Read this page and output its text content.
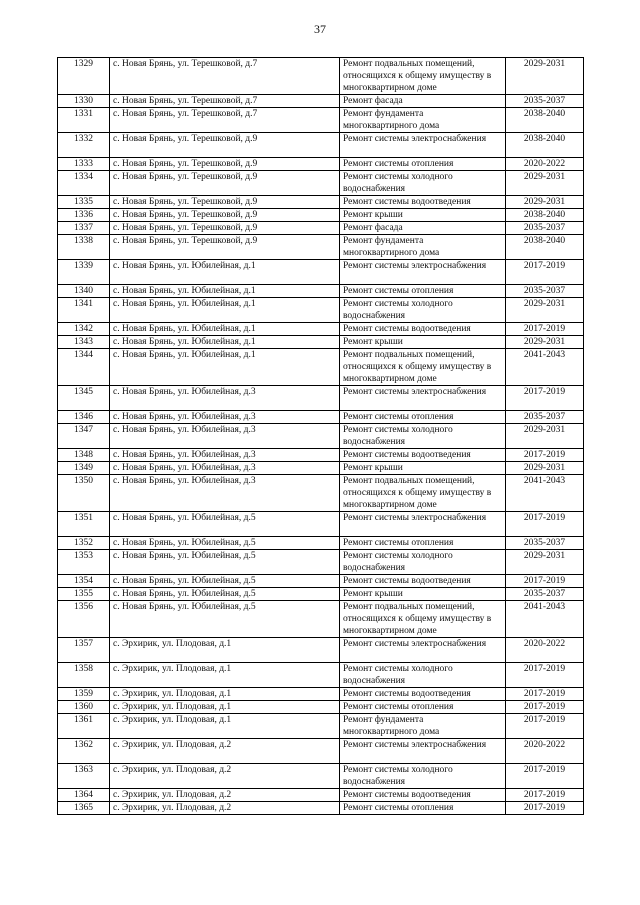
37
1329	с. Новая Брянь, ул. Терешковой, д.7	Ремонт подвальных помещений,
относящихся к общему имуществу в
многоквартирном доме	2029-2031
1330	с. Новая Брянь, ул. Терешковой, д.7	Ремонт фасада	2035-2037
1331	с. Новая Брянь, ул. Терешковой, д.7	Ремонт фундамента
многоквартирного дома	2038-2040
1332	с. Новая Брянь, ул. Терешковой, д.9	Ремонт системы электроснабжения	2038-2040
1333	с. Новая Брянь, ул. Терешковой, д.9	Ремонт системы отопления	2020-2022
1334	с. Новая Брянь, ул. Терешковой, д.9	Ремонт системы холодного
водоснабжения	2029-2031
1335	с. Новая Брянь, ул. Терешковой, д.9	Ремонт системы водоотведения	2029-2031
1336	с. Новая Брянь, ул. Терешковой, д.9	Ремонт крыши	2038-2040
1337	с. Новая Брянь, ул. Терешковой, д.9	Ремонт фасада	2035-2037
1338	с. Новая Брянь, ул. Терешковой, д.9	Ремонт фундамента
многоквартирного дома	2038-2040
1339	с. Новая Брянь, ул. Юбилейная, д.1	Ремонт системы электроснабжения	2017-2019
1340	с. Новая Брянь, ул. Юбилейная, д.1	Ремонт системы отопления	2035-2037
1341	с. Новая Брянь, ул. Юбилейная, д.1	Ремонт системы холодного
водоснабжения	2029-2031
1342	с. Новая Брянь, ул. Юбилейная, д.1	Ремонт системы водоотведения	2017-2019
1343	с. Новая Брянь, ул. Юбилейная, д.1	Ремонт крыши	2029-2031
1344	с. Новая Брянь, ул. Юбилейная, д.1	Ремонт подвальных помещений,
относящихся к общему имуществу в
многоквартирном доме	2041-2043
1345	с. Новая Брянь, ул. Юбилейная, д.3	Ремонт системы электроснабжения	2017-2019
1346	с. Новая Брянь, ул. Юбилейная, д.3	Ремонт системы отопления	2035-2037
1347	с. Новая Брянь, ул. Юбилейная, д.3	Ремонт системы холодного
водоснабжения	2029-2031
1348	с. Новая Брянь, ул. Юбилейная, д.3	Ремонт системы водоотведения	2017-2019
1349	с. Новая Брянь, ул. Юбилейная, д.3	Ремонт крыши	2029-2031
1350	с. Новая Брянь, ул. Юбилейная, д.3	Ремонт подвальных помещений,
относящихся к общему имуществу в
многоквартирном доме	2041-2043
1351	с. Новая Брянь, ул. Юбилейная, д.5	Ремонт системы электроснабжения	2017-2019
1352	с. Новая Брянь, ул. Юбилейная, д.5	Ремонт системы отопления	2035-2037
1353	с. Новая Брянь, ул. Юбилейная, д.5	Ремонт системы холодного
водоснабжения	2029-2031
1354	с. Новая Брянь, ул. Юбилейная, д.5	Ремонт системы водоотведения	2017-2019
1355	с. Новая Брянь, ул. Юбилейная, д.5	Ремонт крыши	2035-2037
1356	с. Новая Брянь, ул. Юбилейная, д.5	Ремонт подвальных помещений,
относящихся к общему имуществу в
многоквартирном доме	2041-2043
1357	с. Эрхирик, ул. Плодовая, д.1	Ремонт системы электроснабжения	2020-2022
1358	с. Эрхирик, ул. Плодовая, д.1	Ремонт системы холодного
водоснабжения	2017-2019
1359	с. Эрхирик, ул. Плодовая, д.1	Ремонт системы водоотведения	2017-2019
1360	с. Эрхирик, ул. Плодовая, д.1	Ремонт системы отопления	2017-2019
1361	с. Эрхирик, ул. Плодовая, д.1	Ремонт фундамента
многоквартирного дома	2017-2019
1362	с. Эрхирик, ул. Плодовая, д.2	Ремонт системы электроснабжения	2020-2022
1363	с. Эрхирик, ул. Плодовая, д.2	Ремонт системы холодного
водоснабжения	2017-2019
1364	с. Эрхирик, ул. Плодовая, д.2	Ремонт системы водоотведения	2017-2019
1365	с. Эрхирик, ул. Плодовая, д.2	Ремонт системы отопления	2017-2019
